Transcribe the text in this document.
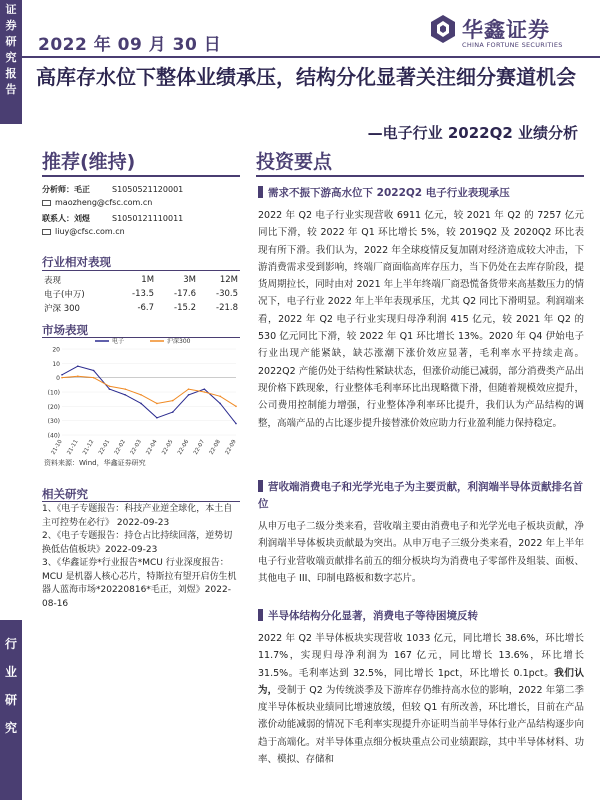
证
券
研
究
报
告
行
业
研
究
2022 年 09 月 30 日
华鑫证券
CHINA FORTUNE SECURITIES
高库存水位下整体业绩承压，结构分化显著关注细分赛道机会
—电子行业 2022Q2 业绩分析
推荐(维持)	投资要点
分析师：毛正	S1050521120001
maozheng@cfsc.com.cn
联系人：刘煜	S1050121110011
liuy@cfsc.com.cn
行业相对表现
表现	1M	3M	12M
电子(申万)	-13.5	-17.6	-30.5
沪深 300	-6.7	-15.2	-21.8
市场表现
(40)
(30)
(20)
(10)
0
10
20
21-10 21-11 21-12 22-01 22-02 22-03 22-04 22-05 22-06 22-07 22-08 22-09
电子	沪深300
资料来源：Wind，华鑫证券研究
相关研究
1、《电子专题报告：科技产业逆全球化，本土自主可控势在必行》 2022-09-23
2、《电子专题报告：持仓占比持续回落，逆势切换低估值板块》2022-09-23
3、《华鑫证券*行业报告*MCU 行业深度报告：MCU 是机器人核心芯片，特斯拉有望开启仿生机器人蓝海市场*20220816*毛正，刘煜》2022-08-16
需求不振下游高水位下 2022Q2 电子行业表现承压
2022 年 Q2 电子行业实现营收 6911 亿元，较 2021 年 Q2 的 7257 亿元同比下滑，较 2022 年 Q1 环比增长 5%，较 2019Q2 及 2020Q2 环比表现有所下滑。我们认为，2022 年全球疫情反复加剧对经济造成较大冲击，下游消费需求受到影响，终端厂商面临高库存压力，当下仍处在去库存阶段，提货周期拉长，同时由对 2021 年上半年终端厂商恐慌备货带来高基数压力的情况下，电子行业 2022 年上半年表现承压，尤其 Q2 同比下滑明显。利润端来看，2022 年 Q2 电子行业实现归母净利润 415 亿元，较 2021 年 Q2 的 530 亿元同比下滑，较 2022 年 Q1 环比增长 13%。2020 年 Q4 伊始电子行业出现产能紧缺，缺芯涨潮下涨价效应显著，毛利率水平持续走高。2022Q2 产能仍处于结构性紧缺状态，但涨价动能已减弱，部分消费类产品出现价格下跌现象，行业整体毛利率环比出现略微下滑，但随着规模效应提升，公司费用控制能力增强，行业整体净利率环比提升，我们认为产品结构的调整，高端产品的占比逐步提升接替涨价效应助力行业盈利能力保持稳定。
营收端消费电子和光学光电子为主要贡献，利润端半导体贡献排名首位
从申万电子二级分类来看，营收端主要由消费电子和光学光电子板块贡献，净利润端半导体板块贡献最为突出。从申万电子三级分类来看，2022 年上半年电子行业营收端贡献排名前五的细分板块均为消费电子零部件及组装、面板、其他电子 III、印制电路板和数字芯片。
半导体结构分化显著，消费电子等待困境反转
2022 年 Q2 半导体板块实现营收 1033 亿元，同比增长 38.6%，环比增长 11.7%，实现归母净利润为 167 亿元，同比增长 13.6%，环比增长 31.5%。毛利率达到 32.5%，同比增长 1pct，环比增长 0.1pct。我们认为，受制于 Q2 为传统淡季及下游库存仍维持高水位的影响，2022 年第二季度半导体板块业绩同比增速放缓，但较 Q1 有所改善，环比增长，目前在产品涨价动能减弱的情况下毛利率实现提升亦证明当前半导体行业产品结构逐步向趋于高端化。对半导体重点细分板块重点公司业绩跟踪，其中半导体材料、功率、模拟、存储和
